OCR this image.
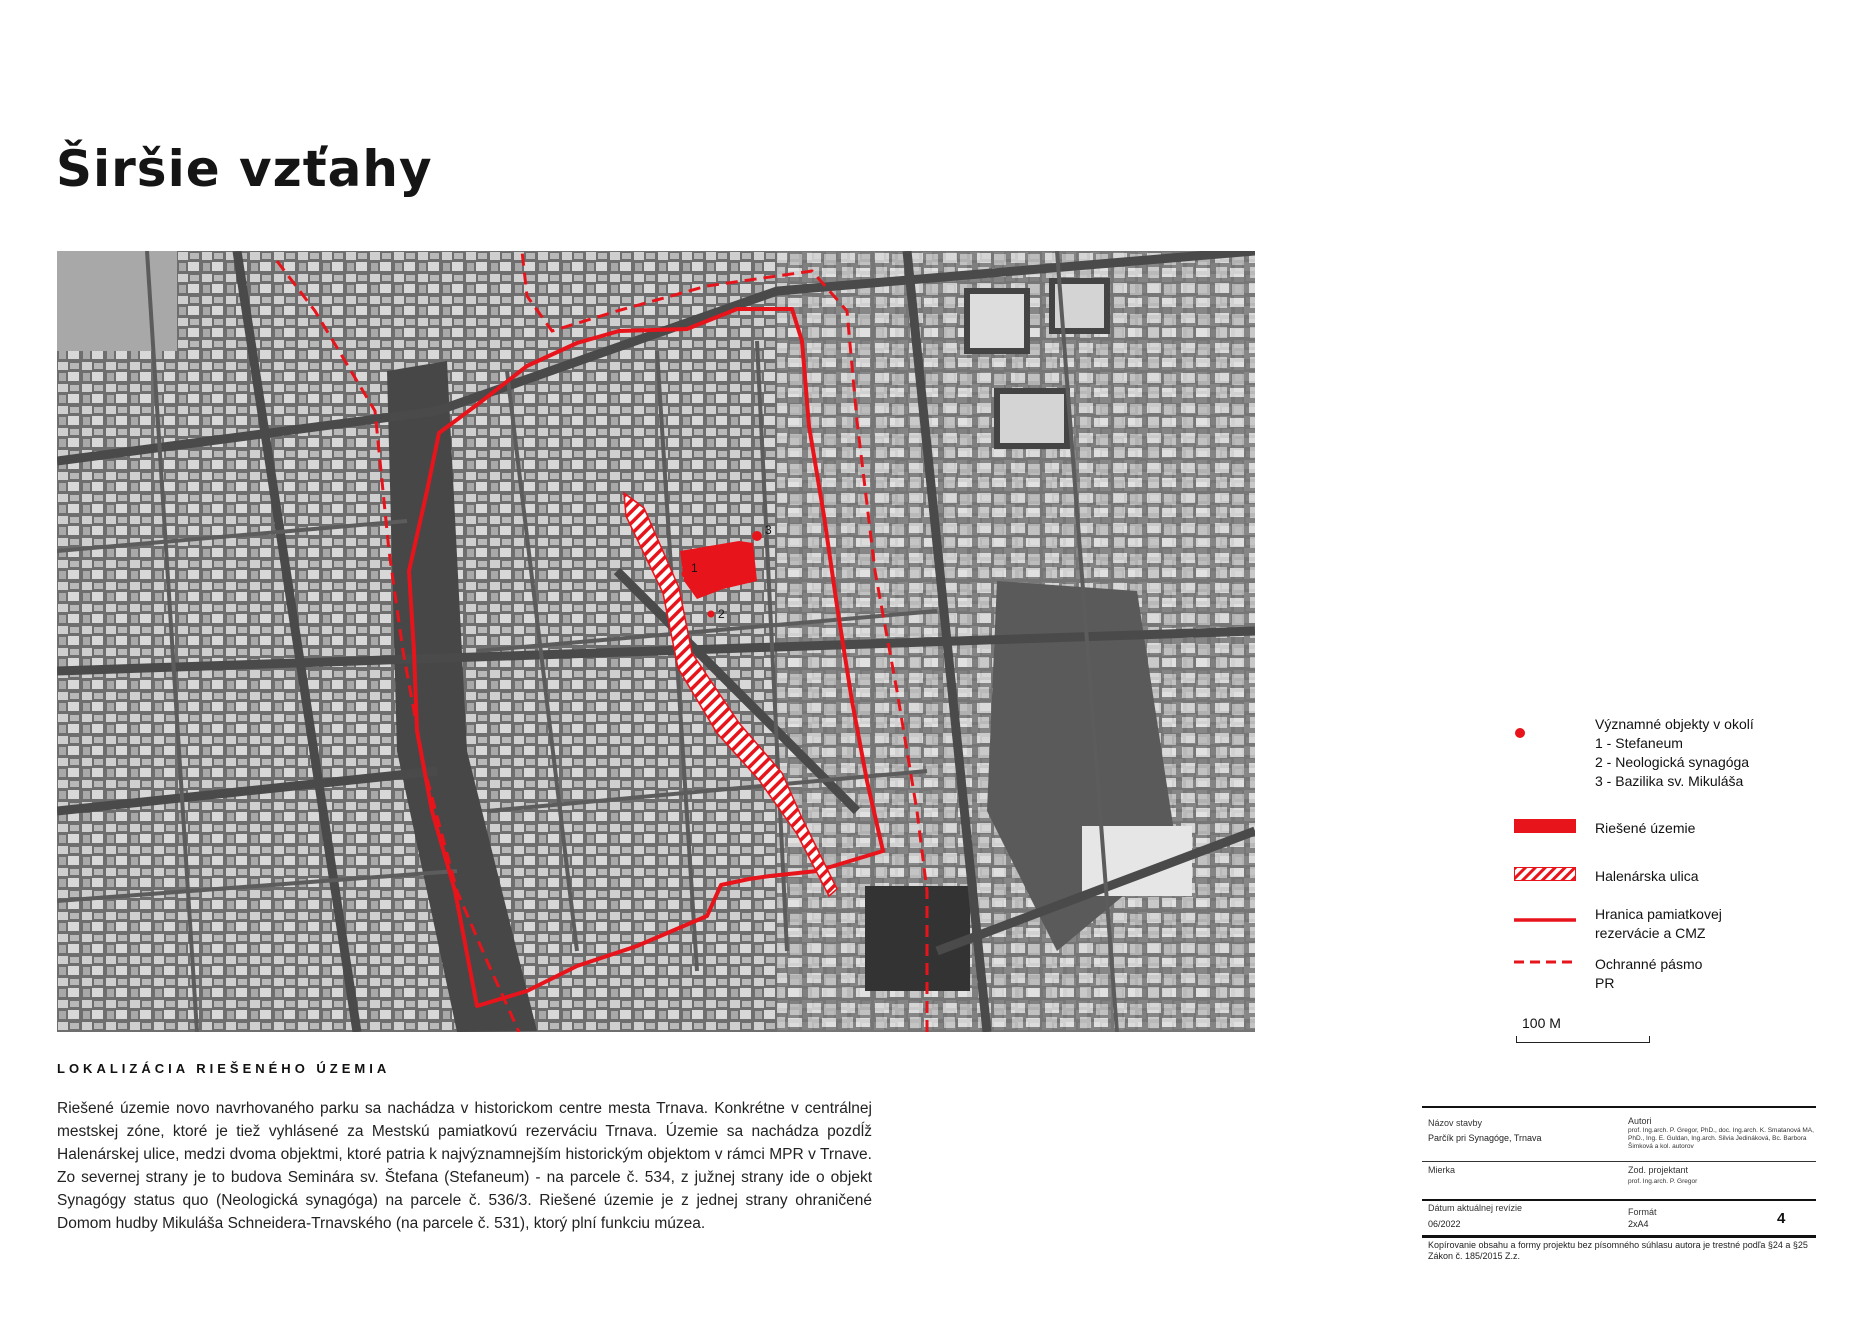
Širšie vzťahy
1
2
3
Významné objekty v okolí
1 - Stefaneum
2 - Neologická synagóga
3 - Bazilika sv. Mikuláša
Riešené územie
Halenárska ulica
Hranica pamiatkovej
rezervácie a CMZ
Ochranné pásmo
PR
100 M
LOKALIZÁCIA RIEŠENÉHO ÚZEMIA

Riešené územie novo navrhovaného parku sa nachádza v historickom centre mesta Trnava. Konkrétne v centrálnej mestskej zóne, ktoré je tiež vyhlásené za Mestskú pamiatkovú rezerváciu Trnava. Územie sa nachádza pozdĺž Halenárskej ulice, medzi dvoma objektmi, ktoré patria k najvýznamnejším historickým objektom v rámci MPR v Trnave. Zo severnej strany je to budova Seminára sv. Štefana (Stefaneum) - na parcele č. 534, z južnej strany ide o objekt Synagógy status quo (Neologická synagóga) na parcele č. 536/3. Riešené územie je z jednej strany ohraničené Domom hudby Mikuláša Schneidera-Trnavského (na parcele č. 531), ktorý plní funkciu múzea.

Názov stavby
Parčík pri Synagóge, Trnava
Autori
prof. Ing.arch. P. Gregor, PhD., doc. Ing.arch. K. Smatanová MA, PhD., Ing. E. Guldan, Ing.arch. Silvia Jedináková, Bc. Barbora Šimková a kol. autorov
Mierka	Zod. projektant
prof. Ing.arch. P. Gregor
Dátum aktuálnej revízie
06/2022
Formát
2xA4	4
Kopírovanie obsahu a formy projektu bez písomného súhlasu autora je trestné podľa §24 a §25 Zákon č. 185/2015 Z.z.
